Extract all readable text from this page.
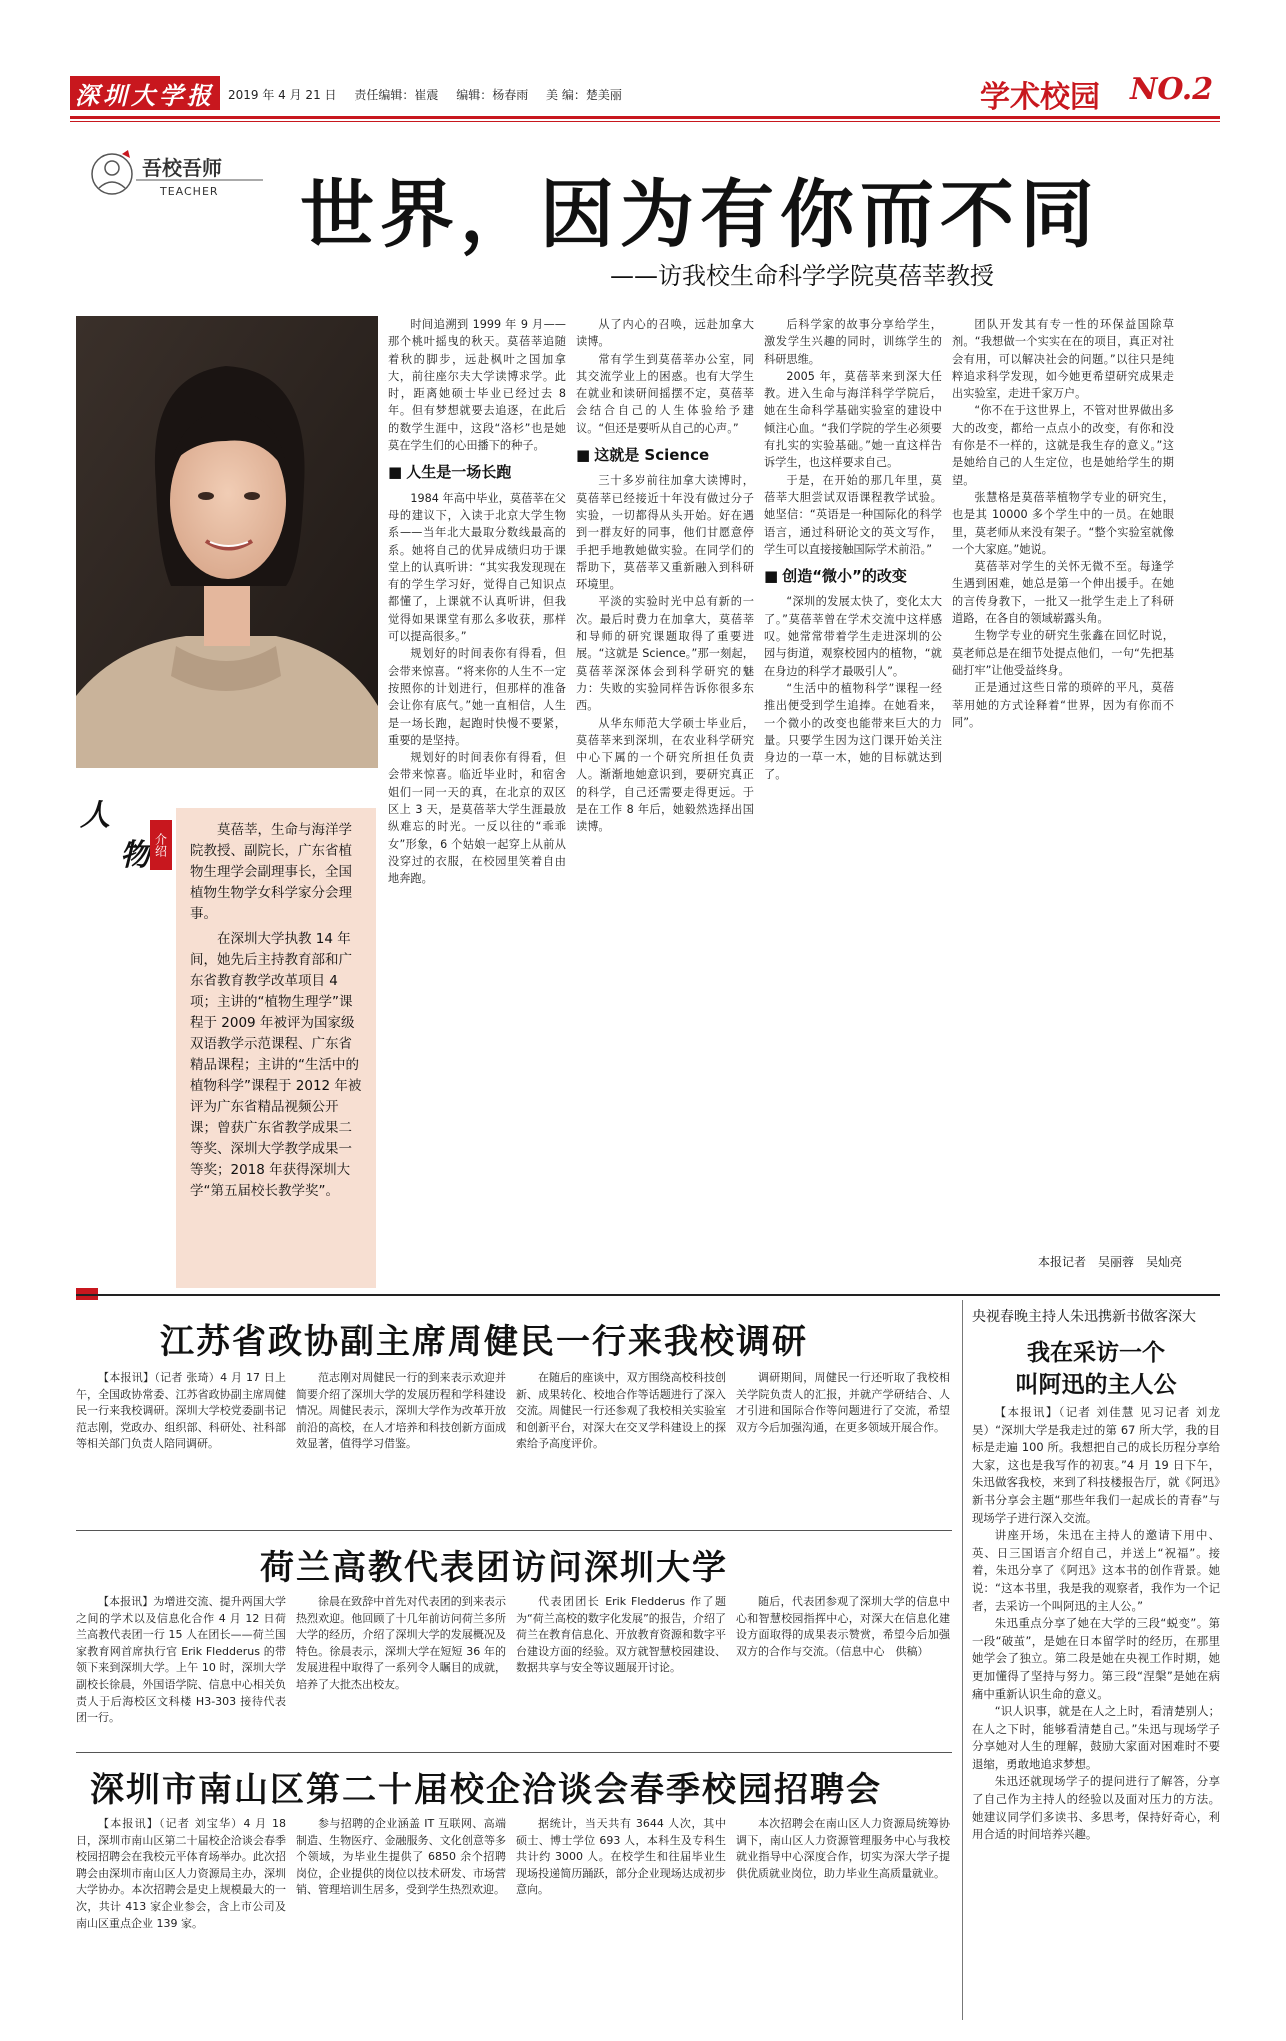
深圳大学报	2019 年 4 月 21 日 责任编辑：崔震 编辑：杨春雨 美 编：楚美丽	学术校园 NO.2
吾校吾师
TEACHER 世界，因为有你而不同
——访我校生命科学学院莫蓓莘教授
人
物 介绍

莫蓓莘，生命与海洋学院教授、副院长，广东省植物生理学会副理事长，全国植物生物学女科学家分会理事。

在深圳大学执教 14 年间，她先后主持教育部和广东省教育教学改革项目 4 项；主讲的“植物生理学”课程于 2009 年被评为国家级双语教学示范课程、广东省精品课程；主讲的“生活中的植物科学”课程于 2012 年被评为广东省精品视频公开课；曾获广东省教学成果二等奖、深圳大学教学成果一等奖；2018 年获得深圳大学“第五届校长教学奖”。

时间追溯到 1999 年 9 月——那个桃叶摇曳的秋天。莫蓓莘追随着秋的脚步，远赴枫叶之国加拿大，前往座尔夫大学读博求学。此时，距离她硕士毕业已经过去 8 年。但有梦想就要去追逐，在此后的数学生涯中，这段“洛杉”也是她莫在学生们的心田播下的种子。

■ 人生是一场长跑

1984 年高中毕业，莫蓓莘在父母的建议下，入读于北京大学生物系——当年北大最取分数线最高的系。她将自己的优异成绩归功于课堂上的认真听讲：“其实我发现现在有的学生学习好，觉得自己知识点都懂了，上课就不认真听讲，但我觉得如果课堂有那么多收获，那样可以提高很多。”

规划好的时间表你有得看，但会带来惊喜。“将来你的人生不一定按照你的计划进行，但那样的准备会让你有底气。”她一直相信，人生是一场长跑，起跑时快慢不要紧，重要的是坚持。

规划好的时间表你有得看，但会带来惊喜。临近毕业时，和宿舍姐们一同一天的真，在北京的双区区上 3 天，是莫蓓莘大学生涯最放纵难忘的时光。一反以往的“乖乖女”形象，6 个姑娘一起穿上从前从没穿过的衣服，在校园里笑着自由地奔跑。

从了内心的召唤，远赴加拿大读博。

常有学生到莫蓓莘办公室，同其交流学业上的困惑。也有大学生在就业和读研间摇摆不定，莫蓓莘会结合自己的人生体验给予建议。“但还是要听从自己的心声。”

■ 这就是 Science

三十多岁前往加拿大读博时，莫蓓莘已经接近十年没有做过分子实验，一切都得从头开始。好在遇到一群友好的同事，他们甘愿意停手把手地教她做实验。在同学们的帮助下，莫蓓莘又重新融入到科研环境里。

平淡的实验时光中总有新的一次。最后时费力在加拿大，莫蓓莘和导师的研究课题取得了重要进展。“这就是 Science。”那一刻起，莫蓓莘深深体会到科学研究的魅力：失败的实验同样告诉你很多东西。

从华东师范大学硕士毕业后，莫蓓莘来到深圳，在农业科学研究中心下属的一个研究所担任负责人。渐渐地她意识到，要研究真正的科学，自己还需要走得更远。于是在工作 8 年后，她毅然选择出国读博。

后科学家的故事分享给学生，激发学生兴趣的同时，训练学生的科研思维。

2005 年，莫蓓莘来到深大任教。进入生命与海洋科学学院后，她在生命科学基础实验室的建设中倾注心血。“我们学院的学生必须要有扎实的实验基础。”她一直这样告诉学生，也这样要求自己。

于是，在开始的那几年里，莫蓓莘大胆尝试双语课程教学试验。她坚信：“英语是一种国际化的科学语言，通过科研论文的英文写作，学生可以直接接触国际学术前沿。”

■ 创造“微小”的改变

“深圳的发展太快了，变化太大了。”莫蓓莘曾在学术交流中这样感叹。她常常带着学生走进深圳的公园与街道，观察校园内的植物，“就在身边的科学才最吸引人”。

“生活中的植物科学”课程一经推出便受到学生追捧。在她看来，一个微小的改变也能带来巨大的力量。只要学生因为这门课开始关注身边的一草一木，她的目标就达到了。

团队开发其有专一性的环保益国除草剂。“我想做一个实实在在的项目，真正对社会有用，可以解决社会的问题。”以往只是纯粹追求科学发现，如今她更希望研究成果走出实验室，走进千家万户。

“你不在于这世界上，不管对世界做出多大的改变，都给一点点小的改变，有你和没有你是不一样的，这就是我生存的意义。”这是她给自己的人生定位，也是她给学生的期望。

张慧格是莫蓓莘植物学专业的研究生，也是其 10000 多个学生中的一员。在她眼里，莫老师从来没有架子。“整个实验室就像一个大家庭。”她说。

莫蓓莘对学生的关怀无微不至。每逢学生遇到困难，她总是第一个伸出援手。在她的言传身教下，一批又一批学生走上了科研道路，在各自的领域崭露头角。

生物学专业的研究生张鑫在回忆时说，莫老师总是在细节处提点他们，一句“先把基础打牢”让他受益终身。

正是通过这些日常的琐碎的平凡，莫蓓莘用她的方式诠释着“世界，因为有你而不同”。

本报记者　吴丽蓉　吴灿亮
江苏省政协副主席周健民一行来我校调研

【本报讯】（记者 张琦）4 月 17 日上午，全国政协常委、江苏省政协副主席周健民一行来我校调研。深圳大学校党委副书记范志刚，党政办、组织部、科研处、社科部等相关部门负责人陪同调研。

范志刚对周健民一行的到来表示欢迎并简要介绍了深圳大学的发展历程和学科建设情况。周健民表示，深圳大学作为改革开放前沿的高校，在人才培养和科技创新方面成效显著，值得学习借鉴。

在随后的座谈中，双方围绕高校科技创新、成果转化、校地合作等话题进行了深入交流。周健民一行还参观了我校相关实验室和创新平台，对深大在交叉学科建设上的探索给予高度评价。

调研期间，周健民一行还听取了我校相关学院负责人的汇报，并就产学研结合、人才引进和国际合作等问题进行了交流，希望双方今后加强沟通，在更多领域开展合作。

荷兰高教代表团访问深圳大学

【本报讯】为增进交流、提升两国大学之间的学术以及信息化合作 4 月 12 日荷兰高教代表团一行 15 人在团长——荷兰国家教育网首席执行官 Erik Fledderus 的带领下来到深圳大学。上午 10 时，深圳大学副校长徐晨，外国语学院、信息中心相关负责人于后海校区文科楼 H3-303 接待代表团一行。

徐晨在致辞中首先对代表团的到来表示热烈欢迎。他回顾了十几年前访问荷兰多所大学的经历，介绍了深圳大学的发展概况及特色。徐晨表示，深圳大学在短短 36 年的发展进程中取得了一系列令人瞩目的成就，培养了大批杰出校友。

代表团团长 Erik Fledderus 作了题为“荷兰高校的数字化发展”的报告，介绍了荷兰在教育信息化、开放教育资源和数字平台建设方面的经验。双方就智慧校园建设、数据共享与安全等议题展开讨论。

随后，代表团参观了深圳大学的信息中心和智慧校园指挥中心，对深大在信息化建设方面取得的成果表示赞赏，希望今后加强双方的合作与交流。（信息中心　供稿）

深圳市南山区第二十届校企洽谈会春季校园招聘会

【本报讯】（记者 刘宝华）4 月 18 日，深圳市南山区第二十届校企洽谈会春季校园招聘会在我校元平体育场举办。此次招聘会由深圳市南山区人力资源局主办，深圳大学协办。本次招聘会是史上规模最大的一次，共计 413 家企业参会，含上市公司及南山区重点企业 139 家。

参与招聘的企业涵盖 IT 互联网、高端制造、生物医疗、金融服务、文化创意等多个领域，为毕业生提供了 6850 余个招聘岗位，企业提供的岗位以技术研发、市场营销、管理培训生居多，受到学生热烈欢迎。

据统计，当天共有 3644 人次，其中硕士、博士学位 693 人，本科生及专科生共计约 3000 人。在校学生和往届毕业生现场投递简历踊跃，部分企业现场达成初步意向。

本次招聘会在南山区人力资源局统筹协调下，南山区人力资源管理服务中心与我校就业指导中心深度合作，切实为深大学子提供优质就业岗位，助力毕业生高质量就业。

央视春晚主持人朱迅携新书做客深大
我在采访一个
叫阿迅的主人公

【本报讯】（记者 刘佳慧 见习记者 刘龙昊）“深圳大学是我走过的第 67 所大学，我的目标是走遍 100 所。我想把自己的成长历程分享给大家，这也是我写作的初衷。”4 月 19 日下午，朱迅做客我校，来到了科技楼报告厅，就《阿迅》新书分享会主题“那些年我们一起成长的青春”与现场学子进行深入交流。

讲座开场，朱迅在主持人的邀请下用中、英、日三国语言介绍自己，并送上“祝福”。接着，朱迅分享了《阿迅》这本书的创作背景。她说：“这本书里，我是我的观察者，我作为一个记者，去采访一个叫阿迅的主人公。”

朱迅重点分享了她在大学的三段“蜕变”。第一段“破茧”，是她在日本留学时的经历，在那里她学会了独立。第二段是她在央视工作时期，她更加懂得了坚持与努力。第三段“涅槃”是她在病痛中重新认识生命的意义。

“识人识事，就是在人之上时，看清楚别人；在人之下时，能够看清楚自己。”朱迅与现场学子分享她对人生的理解，鼓励大家面对困难时不要退缩，勇敢地追求梦想。

朱迅还就现场学子的提问进行了解答，分享了自己作为主持人的经验以及面对压力的方法。她建议同学们多读书、多思考，保持好奇心，利用合适的时间培养兴趣。
